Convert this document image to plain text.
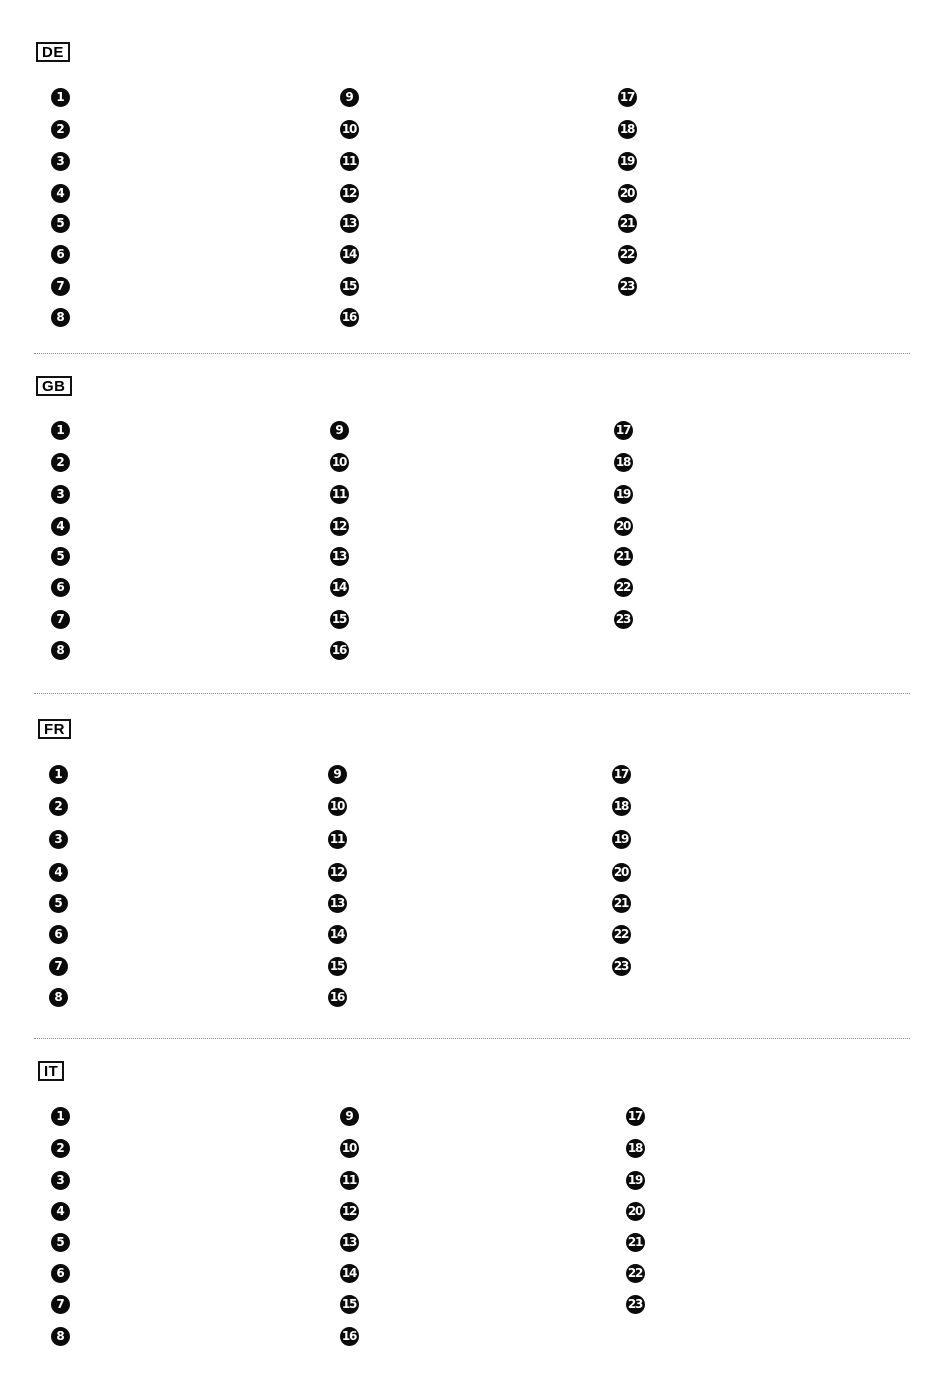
DE
1
2
3
4
5
6
7
8
9
10
11
12
13
14
15
16
17
18
19
20
21
22
23
GB
1
2
3
4
5
6
7
8
9
10
11
12
13
14
15
16
17
18
19
20
21
22
23
FR
1
2
3
4
5
6
7
8
9
10
11
12
13
14
15
16
17
18
19
20
21
22
23
IT
1
2
3
4
5
6
7
8
9
10
11
12
13
14
15
16
17
18
19
20
21
22
23
